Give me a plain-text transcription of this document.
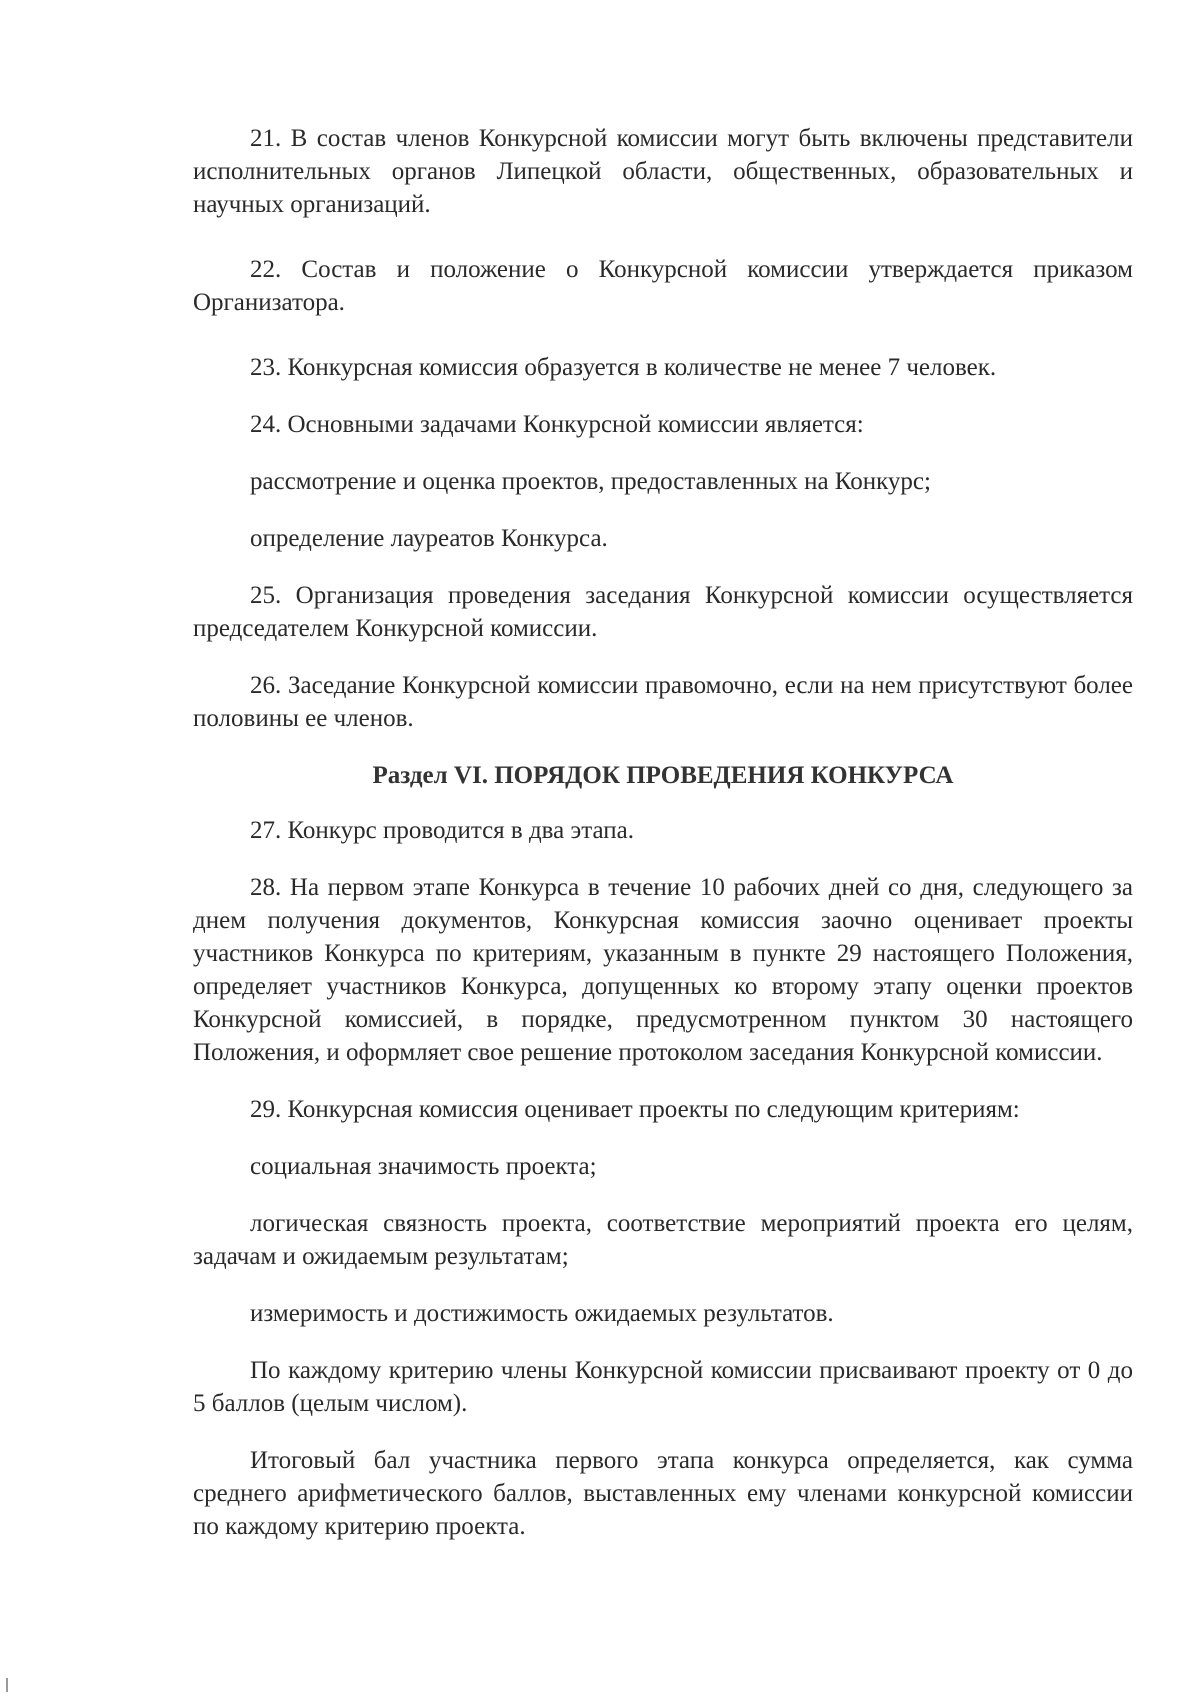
21. В состав членов Конкурсной комиссии могут быть включены представители исполнительных органов Липецкой области, общественных, образовательных и научных организаций.

22. Состав и положение о Конкурсной комиссии утверждается приказом Организатора.

23. Конкурсная комиссия образуется в количестве не менее 7 человек.

24. Основными задачами Конкурсной комиссии является:

рассмотрение и оценка проектов, предоставленных на Конкурс;

определение лауреатов Конкурса.

25. Организация проведения заседания Конкурсной комиссии осуществляется председателем Конкурсной комиссии.

26. Заседание Конкурсной комиссии правомочно, если на нем присутствуют более половины ее членов.

Раздел VI. ПОРЯДОК ПРОВЕДЕНИЯ КОНКУРСА

27. Конкурс проводится в два этапа.

28. На первом этапе Конкурса в течение 10 рабочих дней со дня, следующего за днем получения документов, Конкурсная комиссия заочно оценивает проекты участников Конкурса по критериям, указанным в пункте 29 настоящего Положения, определяет участников Конкурса, допущенных ко второму этапу оценки проектов Конкурсной комиссией, в порядке, предусмотренном пунктом 30 настоящего Положения, и оформляет свое решение протоколом заседания Конкурсной комиссии.

29. Конкурсная комиссия оценивает проекты по следующим критериям:

социальная значимость проекта;

логическая связность проекта, соответствие мероприятий проекта его целям, задачам и ожидаемым результатам;

измеримость и достижимость ожидаемых результатов.

По каждому критерию члены Конкурсной комиссии присваивают проекту от 0 до 5 баллов (целым числом).

Итоговый бал участника первого этапа конкурса определяется, как сумма среднего арифметического баллов, выставленных ему членами конкурсной комиссии по каждому критерию проекта.
